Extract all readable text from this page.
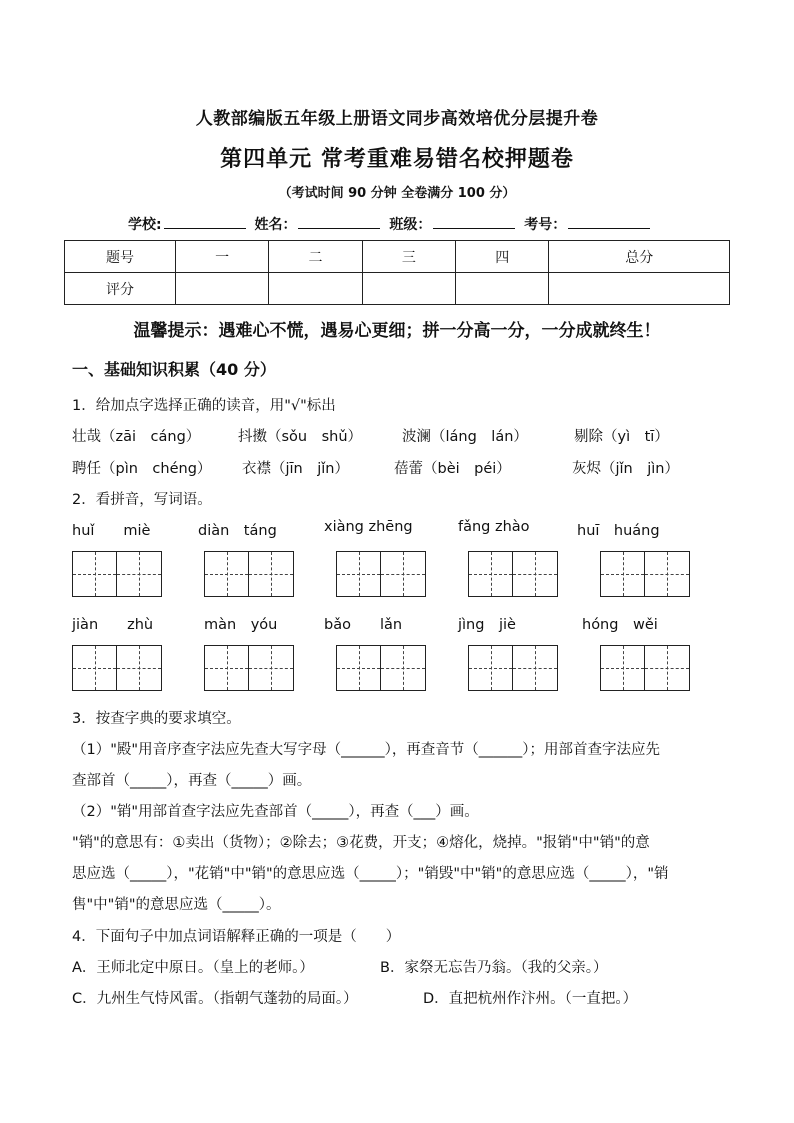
人教部编版五年级上册语文同步高效培优分层提升卷
第四单元 常考重难易错名校押题卷
（考试时间 90 分钟 全卷满分 100 分）
学校:	姓名：	班级：	考号：
题号	一	二	三	四	总分
评分					
温馨提示：遇难心不慌，遇易心更细；拼一分高一分，一分成就终生！
一、基础知识积累（40 分）
1．给加点字选择正确的读音，用"√"标出
壮哉（zāi　cáng）	抖擞（sǒu　shǔ）	波澜（láng　lán）	剔除（yì　tī）
聘任（pìn　chéng） 衣襟（jīn　jǐn）	蓓蕾（bèi　péi）	灰烬（jǐn　jìn）
2．看拼音，写词语。
huǐ　　miè	diàn　táng	xiàng zhēng	fǎng zhào	huī　huáng
jiàn　　zhù	màn　yóu	bǎo　　lǎn	jìng　jiè	hóng　wěi
3．按查字典的要求填空。
（1）"殿"用音序查字法应先查大写字母（______），再查音节（______）；用部首查字法应先
查部首（_____），再查（_____）画。
（2）"销"用部首查字法应先查部首（_____），再查（___）画。
"销"的意思有：①卖出（货物）；②除去；③花费，开支；④熔化，烧掉。"报销"中"销"的意
思应选（_____），"花销"中"销"的意思应选（_____）；"销毁"中"销"的意思应选（_____），"销
售"中"销"的意思应选（_____）。
4．下面句子中加点词语解释正确的一项是（　　）
A．王师北定中原日。（皇上的老师。）	B．家祭无忘告乃翁。（我的父亲。）
C．九州生气恃风雷。（指朝气蓬勃的局面。）	D．直把杭州作汴州。（一直把。）
